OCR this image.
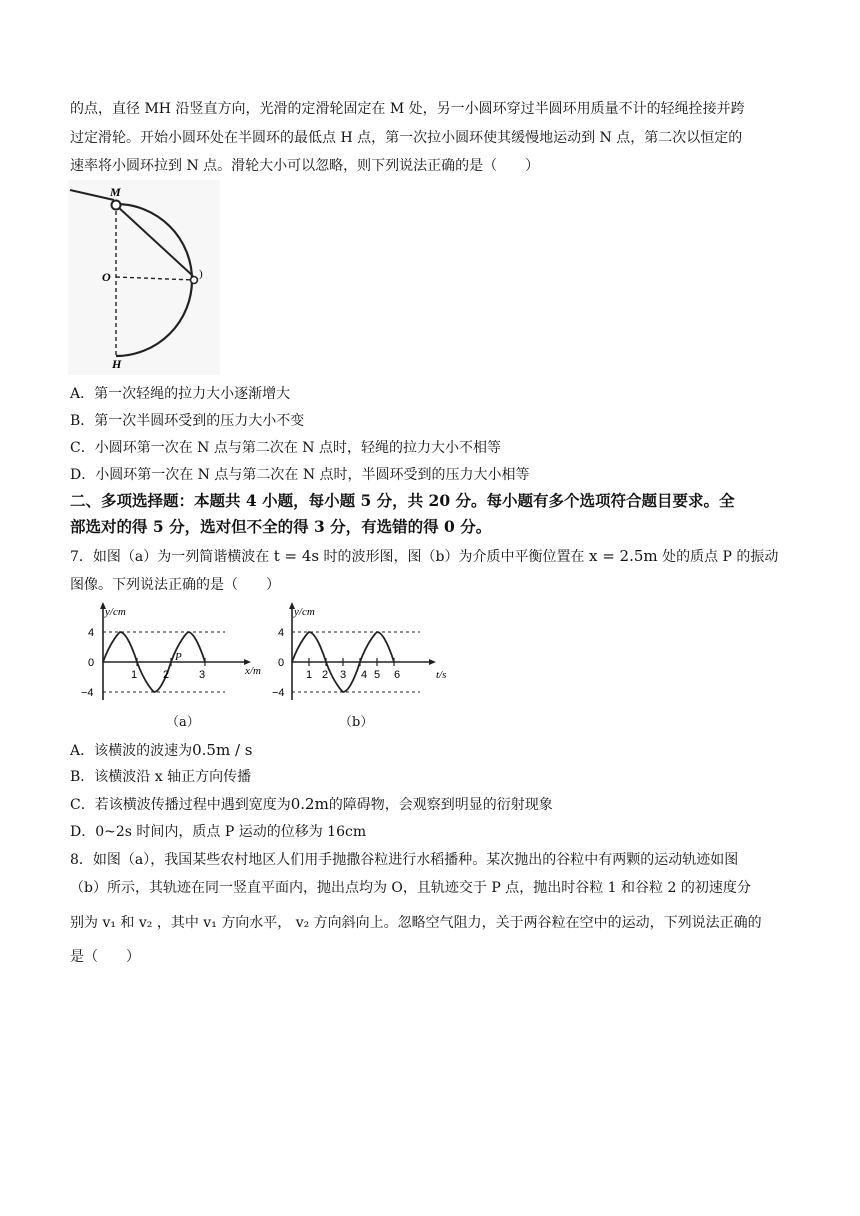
的点，直径 MH 沿竖直方向，光滑的定滑轮固定在 M 处，另一小圆环穿过半圆环用质量不计的轻绳拴接并跨
过定滑轮。开始小圆环处在半圆环的最低点 H 点，第一次拉小圆环使其缓慢地运动到 N 点，第二次以恒定的
速率将小圆环拉到 N 点。滑轮大小可以忽略，则下列说法正确的是（　　）
M
O	)
H
A．第一次轻绳的拉力大小逐渐增大
B．第一次半圆环受到的压力大小不变
C．小圆环第一次在 N 点与第二次在 N 点时，轻绳的拉力大小不相等
D．小圆环第一次在 N 点与第二次在 N 点时，半圆环受到的压力大小相等
二、多项选择题：本题共 4 小题，每小题 5 分，共 20 分。每小题有多个选项符合题目要求。全
部选对的得 5 分，选对但不全的得 3 分，有选错的得 0 分。
7．如图（a）为一列简谐横波在 t = 4s 时的波形图，图（b）为介质中平衡位置在 x = 2.5m 处的质点 P 的振动
图像。下列说法正确的是（　　）
y/cm
x/m
4
0
−4
1 2	3
P
（a）
y/cm
t/s
4
0
−4
1 2 3 4 5 6
（b）
A．该横波的波速为0.5m / s
B．该横波沿 x 轴正方向传播
C．若该横波传播过程中遇到宽度为0.2m的障碍物，会观察到明显的衍射现象
D．0~2s 时间内，质点 P 运动的位移为 16cm
8．如图（a），我国某些农村地区人们用手抛撒谷粒进行水稻播种。某次抛出的谷粒中有两颗的运动轨迹如图
（b）所示，其轨迹在同一竖直平面内，抛出点均为 O，且轨迹交于 P 点，抛出时谷粒 1 和谷粒 2 的初速度分
别为 v₁ 和 v₂ ，其中 v₁ 方向水平， v₂ 方向斜向上。忽略空气阻力，关于两谷粒在空中的运动，下列说法正确的
是（　　）
